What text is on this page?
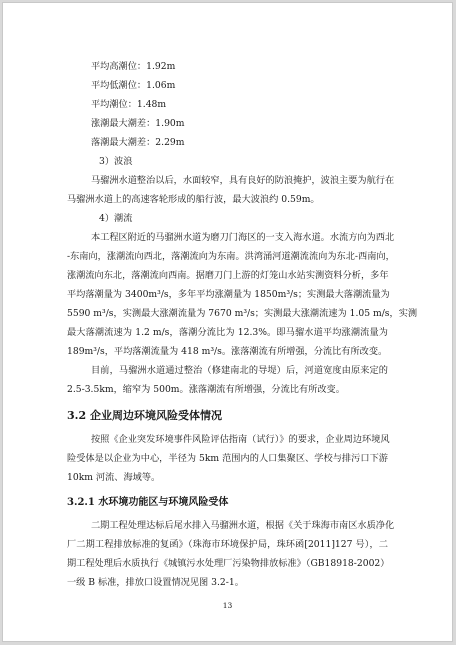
平均高潮位：1.92m
平均低潮位：1.06m
平均潮位：1.48m
涨潮最大潮差：1.90m
落潮最大潮差：2.29m
3）波浪
马骝洲水道整治以后，水面较窄，具有良好的防浪掩护，波浪主要为航行在
马骝洲水道上的高速客轮形成的船行波，最大波浪约 0.59m。
4）潮流
本工程区附近的马骝洲水道为磨刀门海区的一支入海水道。水流方向为西北
-东南向，涨潮流向西北，落潮流向为东南。洪湾涌河道潮流流向为东北-西南向，
涨潮流向东北，落潮流向西南。据磨刀门上游的灯笼山水站实测资料分析，多年
平均落潮量为 3400m³/s，多年平均涨潮量为 1850m³/s；实测最大落潮流量为
5590 m³/s，实测最大涨潮流量为 7670 m³/s；实测最大涨潮流速为 1.05 m/s，实测
最大落潮流速为 1.2 m/s，落潮分流比为 12.3%。即马骝水道平均涨潮流量为
189m³/s，平均落潮流量为 418 m³/s。涨落潮流有所增强，分流比有所改变。
目前，马骝洲水道通过整治（修建南北的导堤）后，河道宽度由原来定的
2.5-3.5km，缩窄为 500m。涨落潮流有所增强，分流比有所改变。
3.2 企业周边环境风险受体情况
按照《企业突发环境事件风险评估指南（试行）》的要求，企业周边环境风
险受体是以企业为中心，半径为 5km 范围内的人口集聚区、学校与排污口下游
10km 河流、海域等。
3.2.1 水环境功能区与环境风险受体
二期工程处理达标后尾水排入马骝洲水道，根据《关于珠海市南区水质净化
厂二期工程排放标准的复函》（珠海市环境保护局，珠环函[2011]127 号），二
期工程处理后水质执行《城镇污水处理厂污染物排放标准》（GB18918-2002）
一级 B 标准，排放口设置情况见图 3.2-1。
13
